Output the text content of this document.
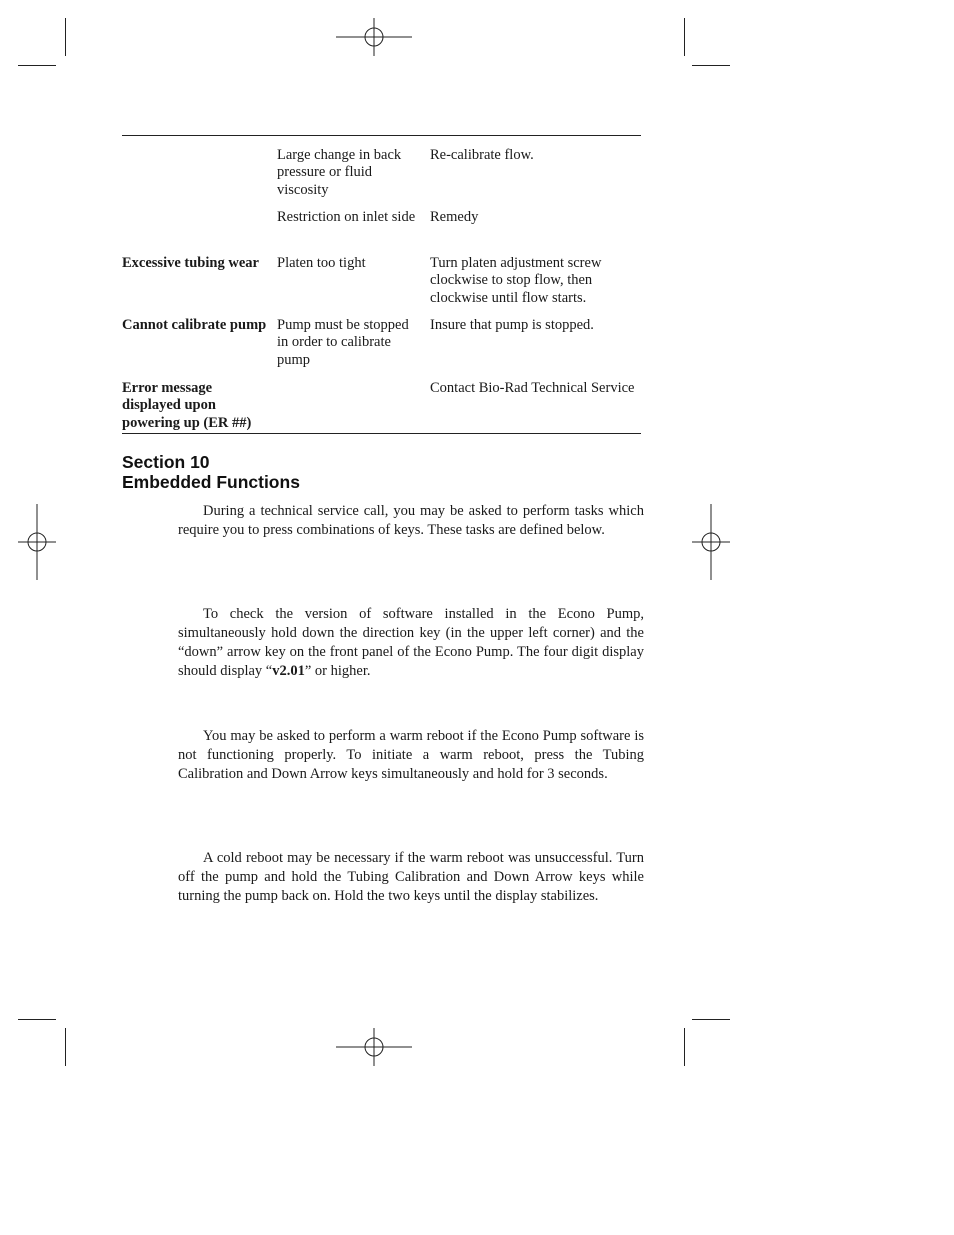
Large change in back pressure or fluid viscosity
Re-calibrate flow.
Restriction on inlet side Remedy
Excessive tubing wear	Platen too tight	Turn platen adjustment screw clockwise to stop flow, then clockwise until flow starts.
Cannot calibrate pump Pump must be stopped in order to calibrate pump
Insure that pump is stopped.
Error message displayed upon powering up (ER ##)
Contact Bio-Rad Technical Service
Section 10
Embedded Functions

During a technical service call, you may be asked to perform tasks which require you to press combinations of keys. These tasks are defined below.

To check the version of software installed in the Econo Pump, simultaneously hold down the direction key (in the upper left corner) and the “down” arrow key on the front panel of the Econo Pump. The four digit display should display “v2.01” or higher.

You may be asked to perform a warm reboot if the Econo Pump software is not functioning properly. To initiate a warm reboot, press the Tubing Calibration and Down Arrow keys simultaneously and hold for 3 seconds.

A cold reboot may be necessary if the warm reboot was unsuccessful. Turn off the pump and hold the Tubing Calibration and Down Arrow keys while turning the pump back on. Hold the two keys until the display stabilizes.
